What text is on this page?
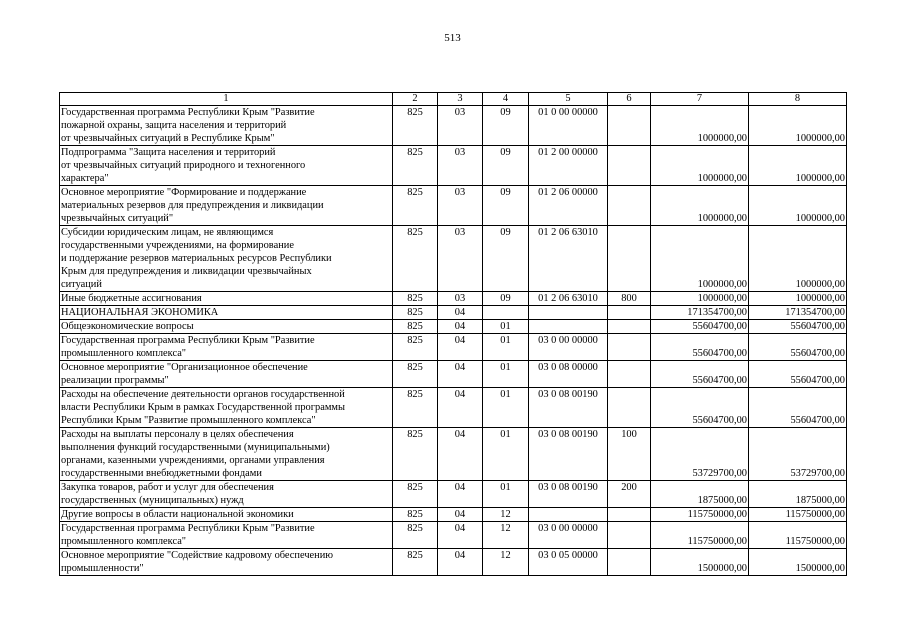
513
1	2	3	4	5	6	7	8
Государственная программа Республики Крым "Развитие
пожарной охраны, защита населения и территорий
от чрезвычайных ситуаций в Республике Крым"	825	03	09	01 0 00 00000		1000000,00	1000000,00
Подпрограмма "Защита населения и территорий
от чрезвычайных ситуаций природного и техногенного
характера"	825	03	09	01 2 00 00000		1000000,00	1000000,00
Основное мероприятие "Формирование и поддержание
материальных резервов для предупреждения и ликвидации
чрезвычайных ситуаций"	825	03	09	01 2 06 00000		1000000,00	1000000,00
Субсидии юридическим лицам, не являющимся
государственными учреждениями, на формирование
и поддержание резервов материальных ресурсов Республики
Крым для предупреждения и ликвидации чрезвычайных
ситуаций	825	03	09	01 2 06 63010		1000000,00	1000000,00
Иные бюджетные ассигнования	825	03	09	01 2 06 63010	800	1000000,00	1000000,00
НАЦИОНАЛЬНАЯ ЭКОНОМИКА	825	04				171354700,00	171354700,00
Общеэкономические вопросы	825	04	01			55604700,00	55604700,00
Государственная программа Республики Крым "Развитие
промышленного комплекса"	825	04	01	03 0 00 00000		55604700,00	55604700,00
Основное мероприятие "Организационное обеспечение
реализации программы"	825	04	01	03 0 08 00000		55604700,00	55604700,00
Расходы на обеспечение деятельности органов государственной
власти Республики Крым в рамках Государственной программы
Республики Крым "Развитие промышленного комплекса"	825	04	01	03 0 08 00190		55604700,00	55604700,00
Расходы на выплаты персоналу в целях обеспечения
выполнения функций государственными (муниципальными)
органами, казенными учреждениями, органами управления
государственными внебюджетными фондами	825	04	01	03 0 08 00190	100	53729700,00	53729700,00
Закупка товаров, работ и услуг для обеспечения
государственных (муниципальных) нужд	825	04	01	03 0 08 00190	200	1875000,00	1875000,00
Другие вопросы в области национальной экономики	825	04	12			115750000,00	115750000,00
Государственная программа Республики Крым "Развитие
промышленного комплекса"	825	04	12	03 0 00 00000		115750000,00	115750000,00
Основное мероприятие "Содействие кадровому обеспечению
промышленности"	825	04	12	03 0 05 00000		1500000,00	1500000,00
